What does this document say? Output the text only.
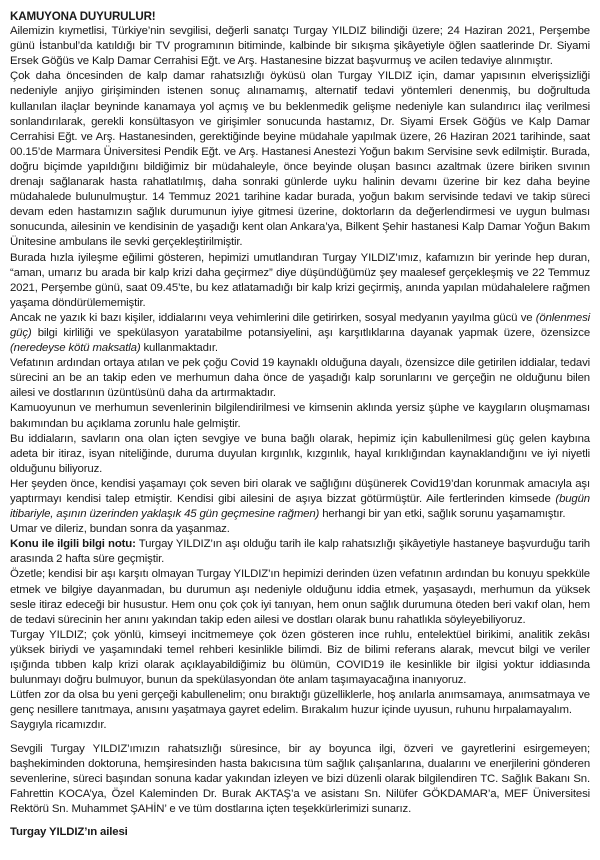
KAMUYONA DUYURULUR!

Ailemizin kıymetlisi, Türkiye’nin sevgilisi, değerli sanatçı Turgay YILDIZ bilindiği üzere; 24 Haziran 2021, Perşembe günü İstanbul’da katıldığı bir TV programının bitiminde, kalbinde bir sıkışma şikâyetiyle öğlen saatlerinde Dr. Siyami Ersek Göğüs ve Kalp Damar Cerrahisi Eğt. ve Arş. Hastanesine bizzat başvurmuş ve acilen tedaviye alınmıştır.

Çok daha öncesinden de kalp damar rahatsızlığı öyküsü olan Turgay YILDIZ için, damar yapısının elverişsizliği nedeniyle anjiyo girişiminden istenen sonuç alınamamış, alternatif tedavi yöntemleri denenmiş, bu doğrultuda kullanılan ilaçlar beyninde kanamaya yol açmış ve bu beklenmedik gelişme nedeniyle kan sulandırıcı ilaç verilmesi sonlandırılarak, gerekli konsültasyon ve girişimler sonucunda hastamız, Dr. Siyami Ersek Göğüs ve Kalp Damar Cerrahisi Eğt. ve Arş. Hastanesinden, gerektiğinde beyine müdahale yapılmak üzere, 26 Haziran 2021 tarihinde, saat 00.15’de Marmara Üniversitesi Pendik Eğt. ve Arş. Hastanesi Anestezi Yoğun bakım Servisine sevk edilmiştir. Burada, doğru biçimde yapıldığını bildiğimiz bir müdahaleyle, önce beyinde oluşan basıncı azaltmak üzere biriken sıvının drenajı sağlanarak hasta rahatlatılmış, daha sonraki günlerde uyku halinin devamı üzerine bir kez daha beyine müdahalede bulunulmuştur. 14 Temmuz 2021 tarihine kadar burada, yoğun bakım servisinde tedavi ve takip süreci devam eden hastamızın sağlık durumunun iyiye gitmesi üzerine, doktorların da değerlendirmesi ve uygun bulması sonucunda, ailesinin ve kendisinin de yaşadığı kent olan Ankara’ya, Bilkent Şehir hastanesi Kalp Damar Yoğun Bakım Ünitesine ambulans ile sevki gerçekleştirilmiştir.

Burada hızla iyileşme eğilimi gösteren, hepimizi umutlandıran Turgay YILDIZ’ımız, kafamızın bir yerinde hep duran, “aman, umarız bu arada bir kalp krizi daha geçirmez” diye düşündüğümüz şey maalesef gerçekleşmiş ve 22 Temmuz 2021, Perşembe günü, saat 09.45’te, bu kez atlatamadığı bir kalp krizi geçirmiş, anında yapılan müdahalelere rağmen yaşama döndürülememiştir.

Ancak ne yazık ki bazı kişiler, iddialarını veya vehimlerini dile getirirken, sosyal medyanın yayılma gücü ve (önlenmesi güç) bilgi kirliliği ve spekülasyon yaratabilme potansiyelini, aşı karşıtlıklarına dayanak yapmak üzere, özensizce (neredeyse kötü maksatla) kullanmaktadır.

Vefatının ardından ortaya atılan ve pek çoğu Covid 19 kaynaklı olduğuna dayalı, özensizce dile getirilen iddialar, tedavi sürecini an be an takip eden ve merhumun daha önce de yaşadığı kalp sorunlarını ve gerçeğin ne olduğunu bilen ailesi ve dostlarının üzüntüsünü daha da artırmaktadır.

Kamuoyunun ve merhumun sevenlerinin bilgilendirilmesi ve kimsenin aklında yersiz şüphe ve kaygıların oluşmaması bakımından bu açıklama zorunlu hale gelmiştir.

Bu iddiaların, savların ona olan içten sevgiye ve buna bağlı olarak, hepimiz için kabullenilmesi güç gelen kaybına adeta bir itiraz, isyan niteliğinde, duruma duyulan kırgınlık, kızgınlık, hayal kırıklığından kaynaklandığını ve iyi niyetli olduğunu biliyoruz.

Her şeyden önce, kendisi yaşamayı çok seven biri olarak ve sağlığını düşünerek Covid19’dan korunmak amacıyla aşı yaptırmayı kendisi talep etmiştir. Kendisi gibi ailesini de aşıya bizzat götürmüştür. Aile fertlerinden kimsede (bugün itibariyle, aşının üzerinden yaklaşık 45 gün geçmesine rağmen) herhangi bir yan etki, sağlık sorunu yaşamamıştır.

Umar ve dileriz, bundan sonra da yaşanmaz.

Konu ile ilgili bilgi notu: Turgay YILDIZ’ın aşı olduğu tarih ile kalp rahatsızlığı şikâyetiyle hastaneye başvurduğu tarih arasında 2 hafta süre geçmiştir.

Özetle; kendisi bir aşı karşıtı olmayan Turgay YILDIZ’ın hepimizi derinden üzen vefatının ardından bu konuyu spekküle etmek ve bilgiye dayanmadan, bu durumun aşı nedeniyle olduğunu iddia etmek, yaşasaydı, merhumun da yüksek sesle itiraz edeceği bir husustur. Hem onu çok çok iyi tanıyan, hem onun sağlık durumuna öteden beri vakıf olan, hem de tedavi sürecinin her anını yakından takip eden ailesi ve dostları olarak bunu rahatlıkla söyleyebiliyoruz.

Turgay YILDIZ; çok yönlü, kimseyi incitmemeye çok özen gösteren ince ruhlu, entelektüel birikimi, analitik zekâsı yüksek biriydi ve yaşamındaki temel rehberi kesinlikle bilimdi. Biz de bilimi referans alarak, mevcut bilgi ve veriler ışığında tıbben kalp krizi olarak açıklayabildiğimiz bu ölümün, COVID19 ile kesinlikle bir ilgisi yoktur iddiasında bulunmayı doğru bulmuyor, bunun da spekülasyondan öte anlam taşımayacağına inanıyoruz.

Lütfen zor da olsa bu yeni gerçeği kabullenelim; onu bıraktığı güzelliklerle, hoş anılarla anımsamaya, anımsatmaya ve genç nesillere tanıtmaya, anısını yaşatmaya gayret edelim. Bırakalım huzur içinde uyusun, ruhunu hırpalamayalım.

Saygıyla ricamızdır.

Sevgili Turgay YILDIZ’ımızın rahatsızlığı süresince, bir ay boyunca ilgi, özveri ve gayretlerini esirgemeyen; başhekiminden doktoruna, hemşiresinden hasta bakıcısına tüm sağlık çalışanlarına, dualarını ve enerjilerini gönderen sevenlerine, süreci başından sonuna kadar yakından izleyen ve bizi düzenli olarak bilgilendiren TC. Sağlık Bakanı Sn. Fahrettin KOCA’ya, Özel Kaleminden Dr. Burak AKTAŞ’a ve asistanı Sn. Nilüfer GÖKDAMAR’a, MEF Üniversitesi Rektörü Sn. Muhammet ŞAHİN’ e ve tüm dostlarına içten teşekkürlerimizi sunarız.

Turgay YILDIZ’ın ailesi
